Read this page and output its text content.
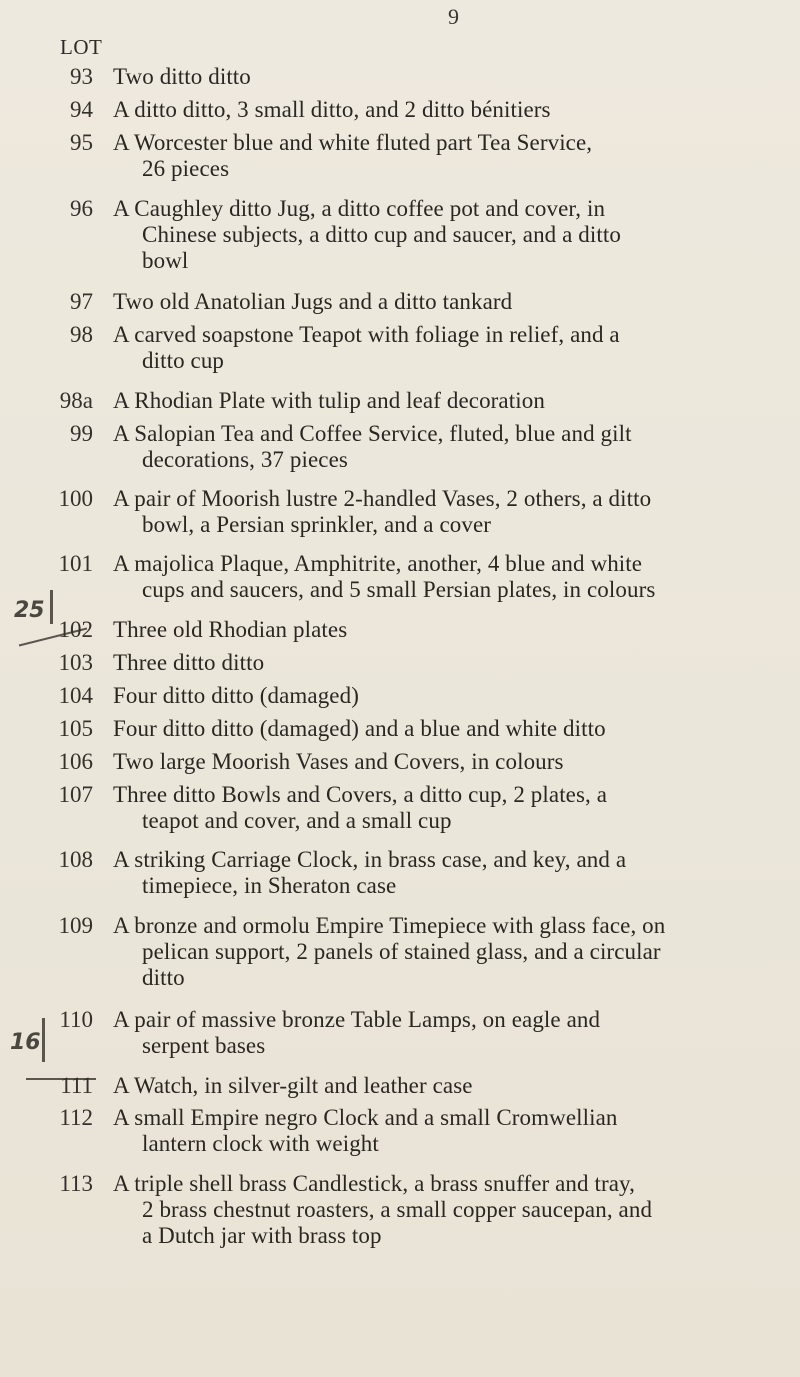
9
LOT
25
16
93 Two ditto ditto
94 A ditto ditto, 3 small ditto, and 2 ditto bénitiers
95 A Worcester blue and white fluted part Tea Service,
26 pieces
96 A Caughley ditto Jug, a ditto coffee pot and cover, in
Chinese subjects, a ditto cup and saucer, and a ditto
bowl
97 Two old Anatolian Jugs and a ditto tankard
98 A carved soapstone Teapot with foliage in relief, and a
ditto cup
98a A Rhodian Plate with tulip and leaf decoration
99 A Salopian Tea and Coffee Service, fluted, blue and gilt
decorations, 37 pieces
100 A pair of Moorish lustre 2-handled Vases, 2 others, a ditto
bowl, a Persian sprinkler, and a cover
101 A majolica Plaque, Amphitrite, another, 4 blue and white
cups and saucers, and 5 small Persian plates, in colours
102 Three old Rhodian plates
103 Three ditto ditto
104 Four ditto ditto (damaged)
105 Four ditto ditto (damaged) and a blue and white ditto
106 Two large Moorish Vases and Covers, in colours
107 Three ditto Bowls and Covers, a ditto cup, 2 plates, a
teapot and cover, and a small cup
108 A striking Carriage Clock, in brass case, and key, and a
timepiece, in Sheraton case
109 A bronze and ormolu Empire Timepiece with glass face, on
pelican support, 2 panels of stained glass, and a circular
ditto
110 A pair of massive bronze Table Lamps, on eagle and
serpent bases
111 A Watch, in silver-gilt and leather case
112 A small Empire negro Clock and a small Cromwellian
lantern clock with weight
113 A triple shell brass Candlestick, a brass snuffer and tray,
2 brass chestnut roasters, a small copper saucepan, and
a Dutch jar with brass top
